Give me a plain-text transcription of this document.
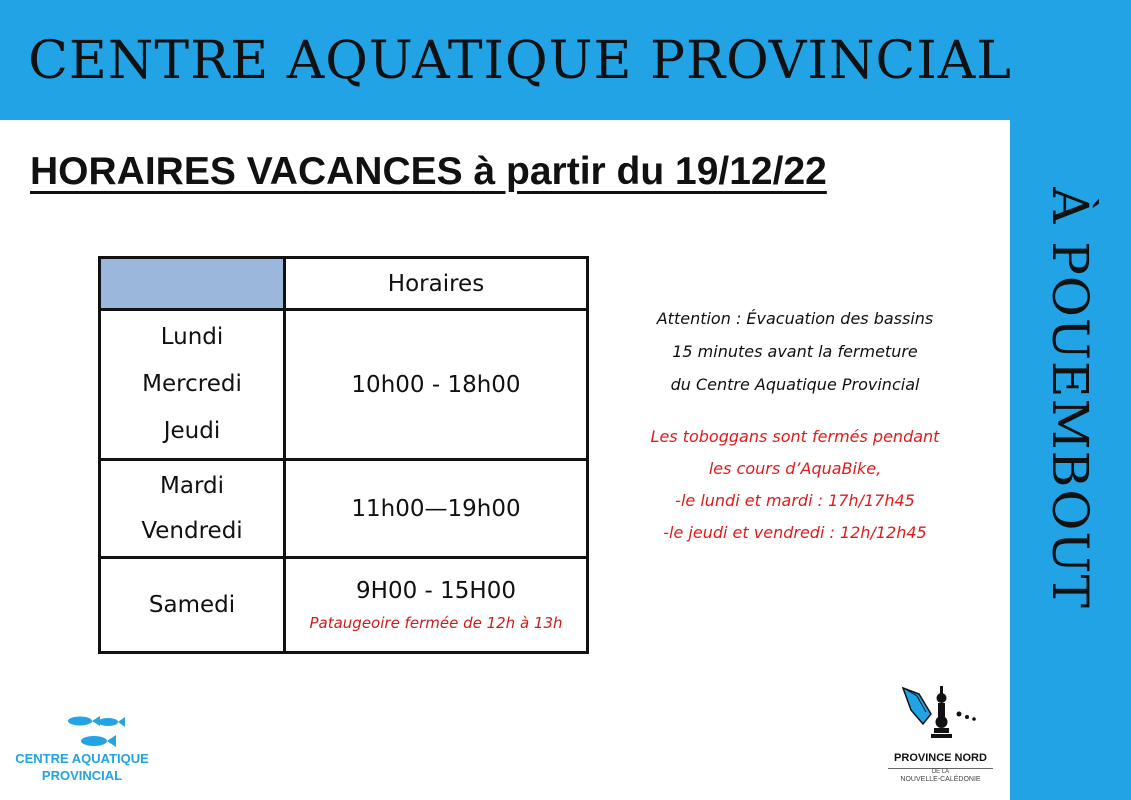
CENTRE AQUATIQUE PROVINCIAL
À POUEMBOUT
HORAIRES VACANCES à partir du 19/12/22
	Horaires

Lundi
Mercredi
Jeudi	10h00 - 18h00

Mardi
Vendredi	11h00—19h00

Samedi	9H00 - 15H00
Pataugeoire fermée de 12h à 13h
Attention : Évacuation des bassins
15 minutes avant la fermeture
du Centre Aquatique Provincial
Les toboggans sont fermés pendant
les cours d’AquaBike,
-le lundi et mardi : 17h/17h45
-le jeudi et vendredi : 12h/12h45
CENTRE AQUATIQUE
PROVINCIAL
PROVINCE NORD
DE LA
NOUVELLE-CALÉDONIE
